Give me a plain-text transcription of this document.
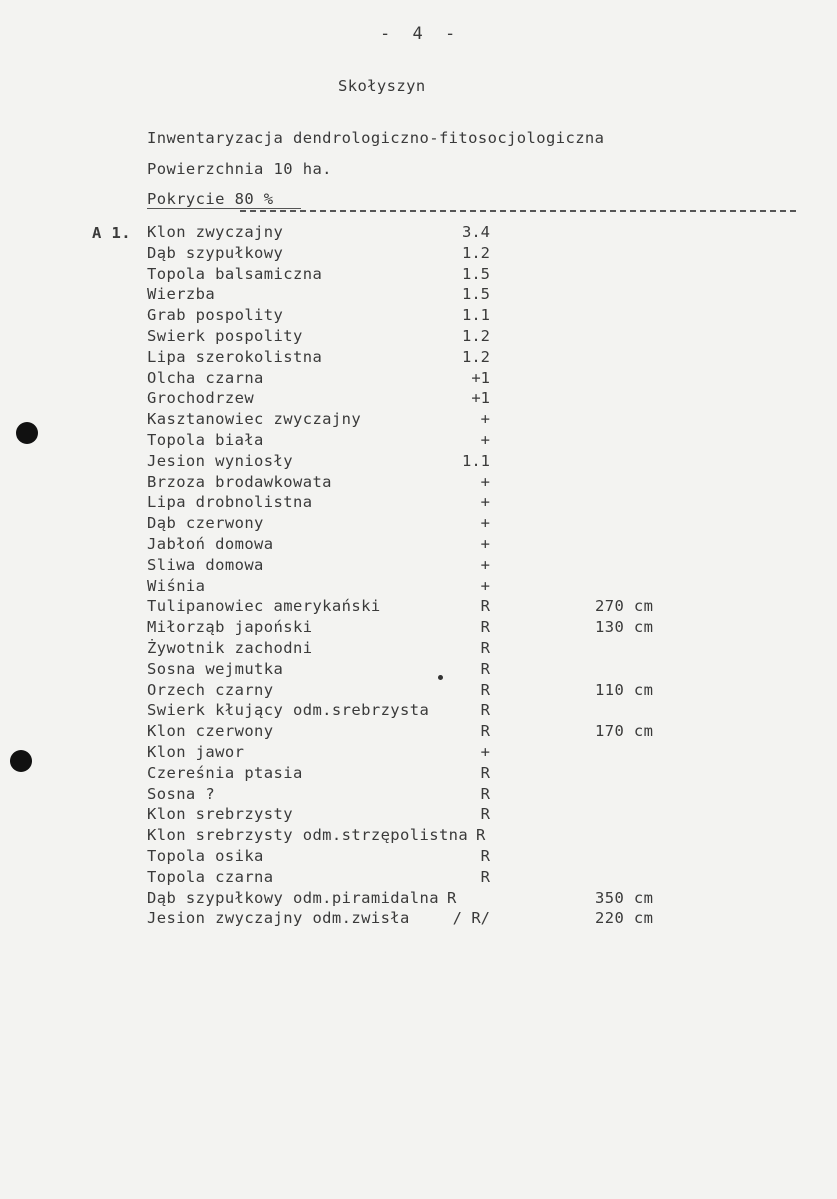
- 4 -
Skołyszyn
Inwentaryzacja dendrologiczno-fitosocjologiczna
Powierzchnia 10 ha.
Pokrycie 80 %
A 1. Klon zwyczajny	3.4
Dąb szypułkowy	1.2
Topola balsamiczna	1.5
Wierzba	1.5
Grab pospolity	1.1
Swierk pospolity	1.2
Lipa szerokolistna	1.2
Olcha czarna	+1
Grochodrzew	+1
Kasztanowiec zwyczajny	+
Topola biała	+
Jesion wyniosły	1.1
Brzoza brodawkowata	+
Lipa drobnolistna	+
Dąb czerwony	+
Jabłoń domowa	+
Sliwa domowa	+
Wiśnia	+
Tulipanowiec amerykański	R	270 cm
Miłorząb japoński	R	130 cm
Żywotnik zachodni	R
Sosna wejmutka	R
Orzech czarny	R	110 cm
Swierk kłujący odm.srebrzysta	R
Klon czerwony	R	170 cm
Klon jawor	+
Czereśnia ptasia	R
Sosna ?	R
Klon srebrzysty	R
Klon srebrzysty odm.strzępolistna R
Topola osika	R
Topola czarna	R
Dąb szypułkowy odm.piramidalna R	350 cm
Jesion zwyczajny odm.zwisła	/ R/	220 cm
